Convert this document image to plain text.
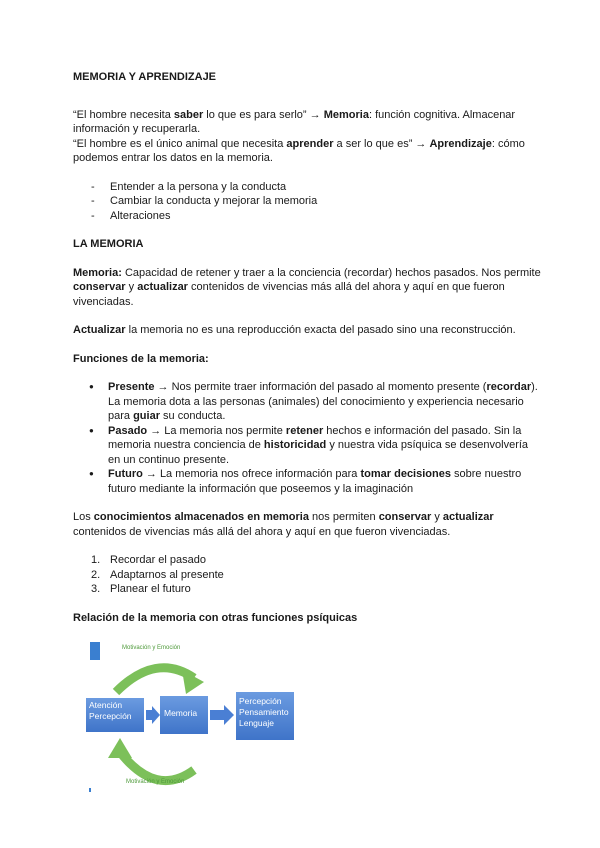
MEMORIA Y APRENDIZAJE

“El hombre necesita saber lo que es para serlo” → Memoria: función cognitiva. Almacenar información y recuperarla.

“El hombre es el único animal que necesita aprender a ser lo que es” → Aprendizaje: cómo podemos entrar los datos en la memoria.

- Entender a la persona y la conducta
- Cambiar la conducta y mejorar la memoria
- Alteraciones

LA MEMORIA

Memoria: Capacidad de retener y traer a la conciencia (recordar) hechos pasados. Nos permite conservar y actualizar contenidos de vivencias más allá del ahora y aquí en que fueron vivenciadas.

Actualizar la memoria no es una reproducción exacta del pasado sino una reconstrucción.

Funciones de la memoria:

● Presente → Nos permite traer información del pasado al momento presente (recordar). La memoria dota a las personas (animales) del conocimiento y experiencia necesario para guiar su conducta.
● Pasado → La memoria nos permite retener hechos e información del pasado. Sin la memoria nuestra conciencia de historicidad y nuestra vida psíquica se desenvolvería en un continuo presente.
● Futuro → La memoria nos ofrece información para tomar decisiones sobre nuestro futuro mediante la información que poseemos y la imaginación

Los conocimientos almacenados en memoria nos permiten conservar y actualizar contenidos de vivencias más allá del ahora y aquí en que fueron vivenciadas.

1. Recordar el pasado
2. Adaptarnos al presente
3. Planear el futuro

Relación de la memoria con otras funciones psíquicas

Motivación y Emoción
Motivación y Emoción
Atención
Percepción	Memoria
Percepción
Pensamiento
Lenguaje
